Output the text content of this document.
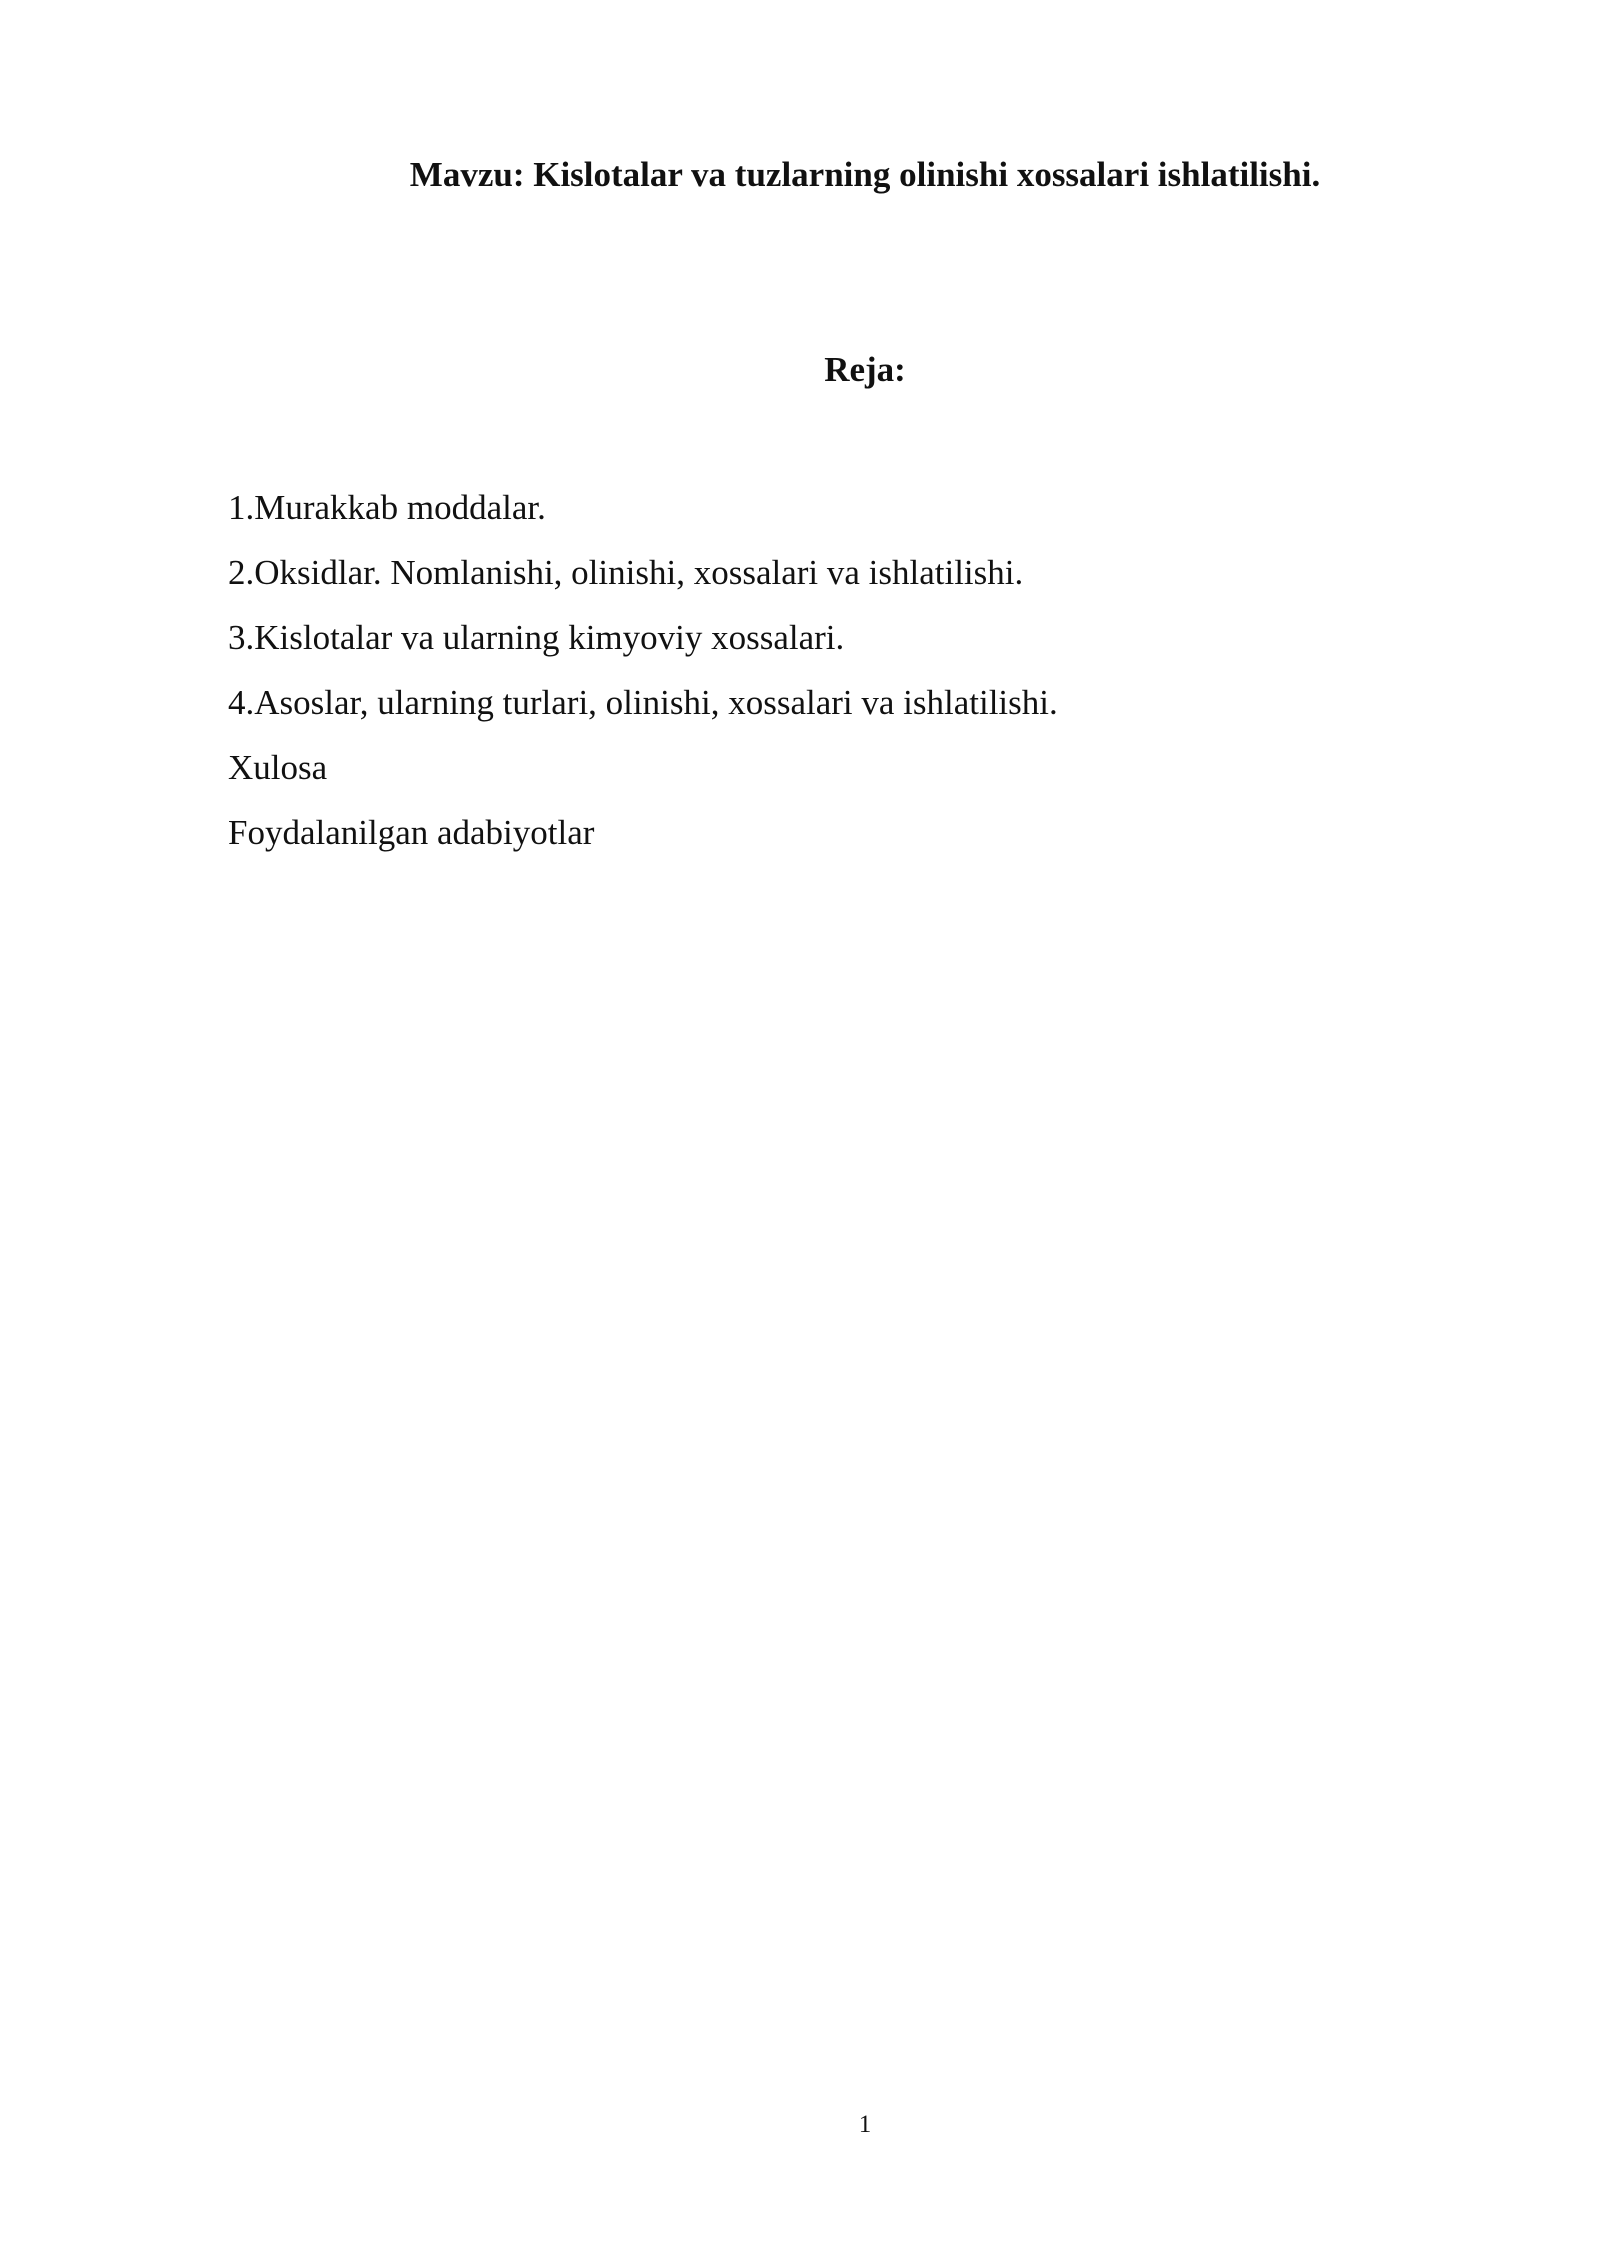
Mavzu: Kislotalar va tuzlarning olinishi xossalari ishlatilishi.
Reja:
1.Murakkab moddalar.
2.Oksidlar. Nomlanishi, olinishi, xossalari va ishlatilishi.
3.Kislotalar va ularning kimyoviy xossalari.
4.Asoslar, ularning turlari, olinishi, xossalari va ishlatilishi.
Xulosa
Foydalanilgan adabiyotlar
1
